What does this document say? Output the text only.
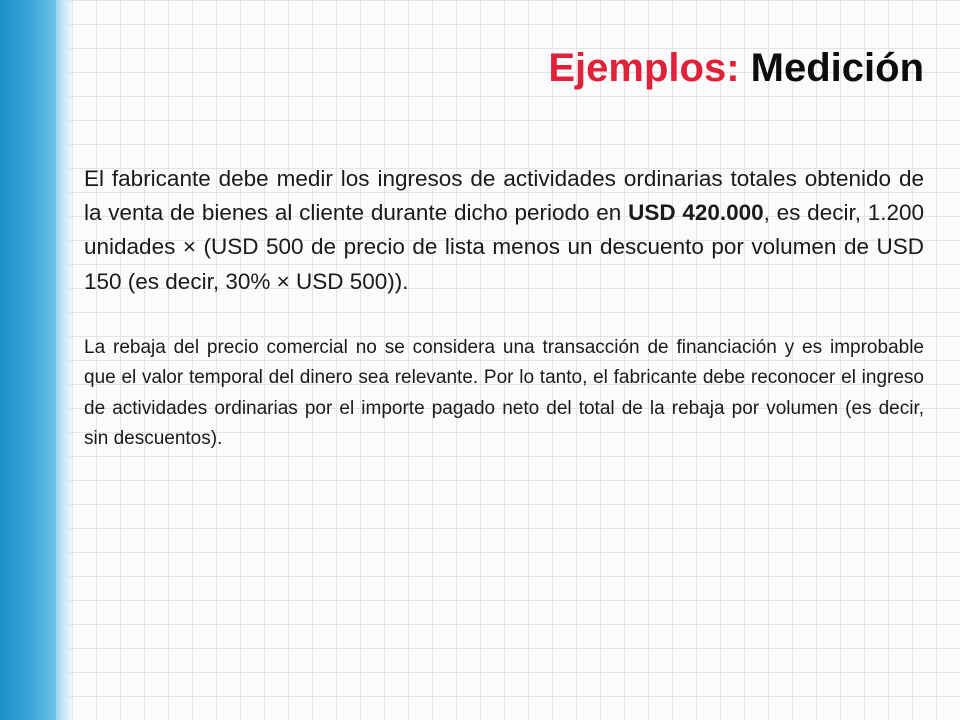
Ejemplos: Medición

El fabricante debe medir los ingresos de actividades ordinarias totales obtenido de la venta de bienes al cliente durante dicho periodo en USD 420.000, es decir, 1.200 unidades × (USD 500 de precio de lista menos un descuento por volumen de USD 150 (es decir, 30% × USD 500)).

La rebaja del precio comercial no se considera una transacción de financiación y es improbable que el valor temporal del dinero sea relevante. Por lo tanto, el fabricante debe reconocer el ingreso de actividades ordinarias por el importe pagado neto del total de la rebaja por volumen (es decir, sin descuentos).
